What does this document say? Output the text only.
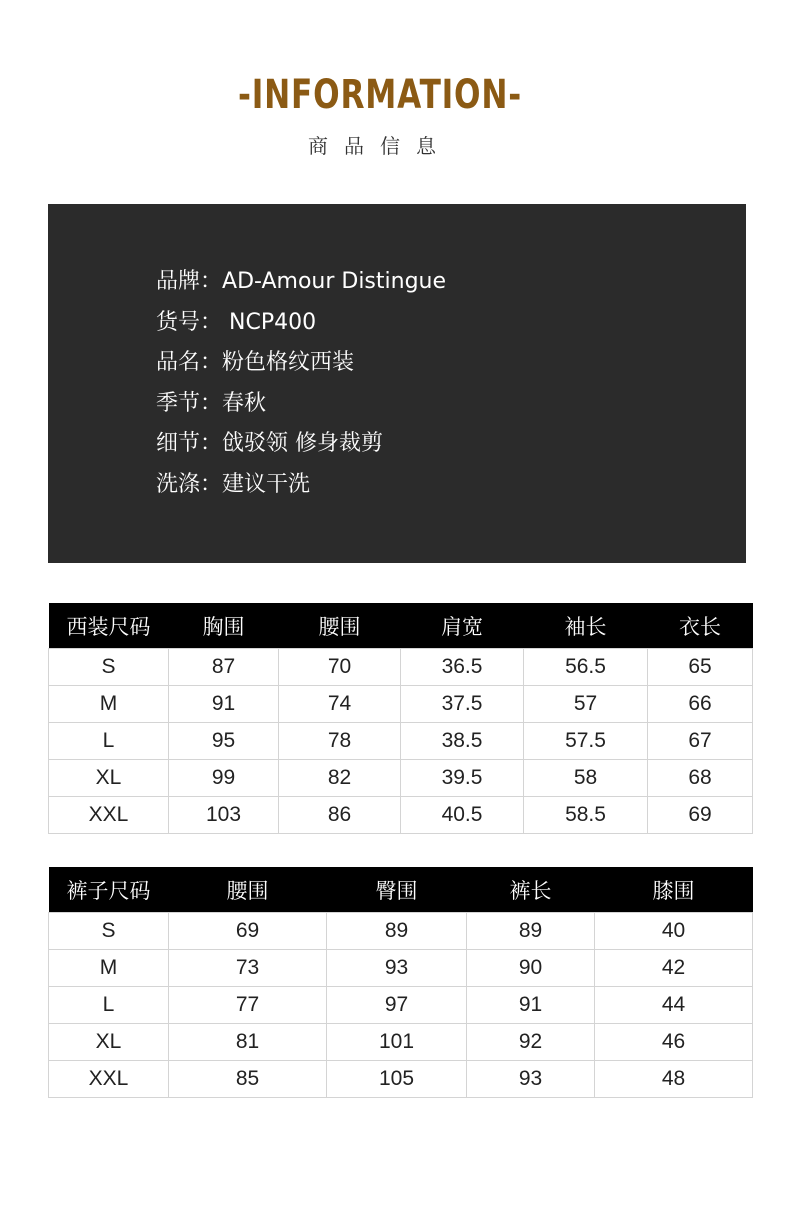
-INFORMATION-
商品信息
品牌：AD-Amour Distingue
货号： NCP400
品名：粉色格纹西装
季节：春秋
细节：戗驳领 修身裁剪
洗涤：建议干洗
西装尺码	胸围	腰围	肩宽	袖长	衣长
S	87	70	36.5	56.5	65
M	91	74	37.5	57	66
L	95	78	38.5	57.5	67
XL	99	82	39.5	58	68
XXL	103	86	40.5	58.5	69
裤子尺码	腰围	臀围	裤长	膝围
S	69	89	89	40
M	73	93	90	42
L	77	97	91	44
XL	81	101	92	46
XXL	85	105	93	48
